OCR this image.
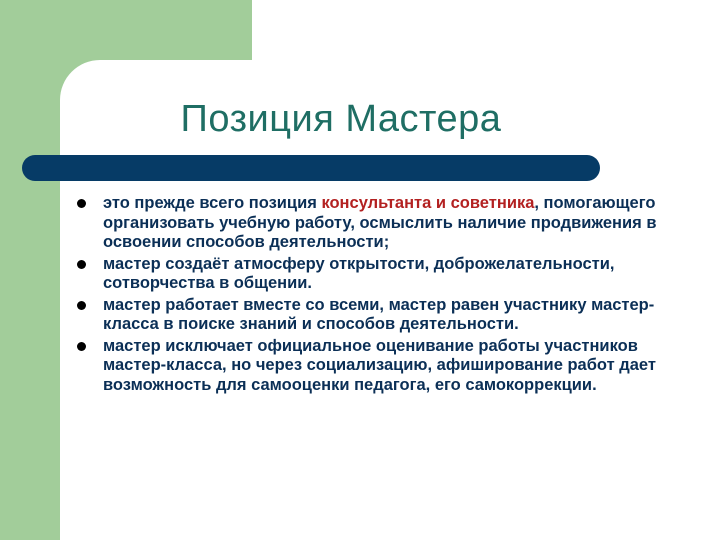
Позиция Мастера
это прежде всего позиция консультанта и советника, помогающего организовать учебную работу, осмыслить наличие продвижения в освоении способов деятельности;
мастер создаёт атмосферу открытости, доброжелательности, сотворчества в общении.
мастер работает вместе со всеми, мастер равен участнику мастер-класса в поиске знаний и способов деятельности.
мастер исключает официальное оценивание работы участников мастер-класса, но через социализацию, афиширование работ дает возможность для самооценки педагога, его самокоррекции.
